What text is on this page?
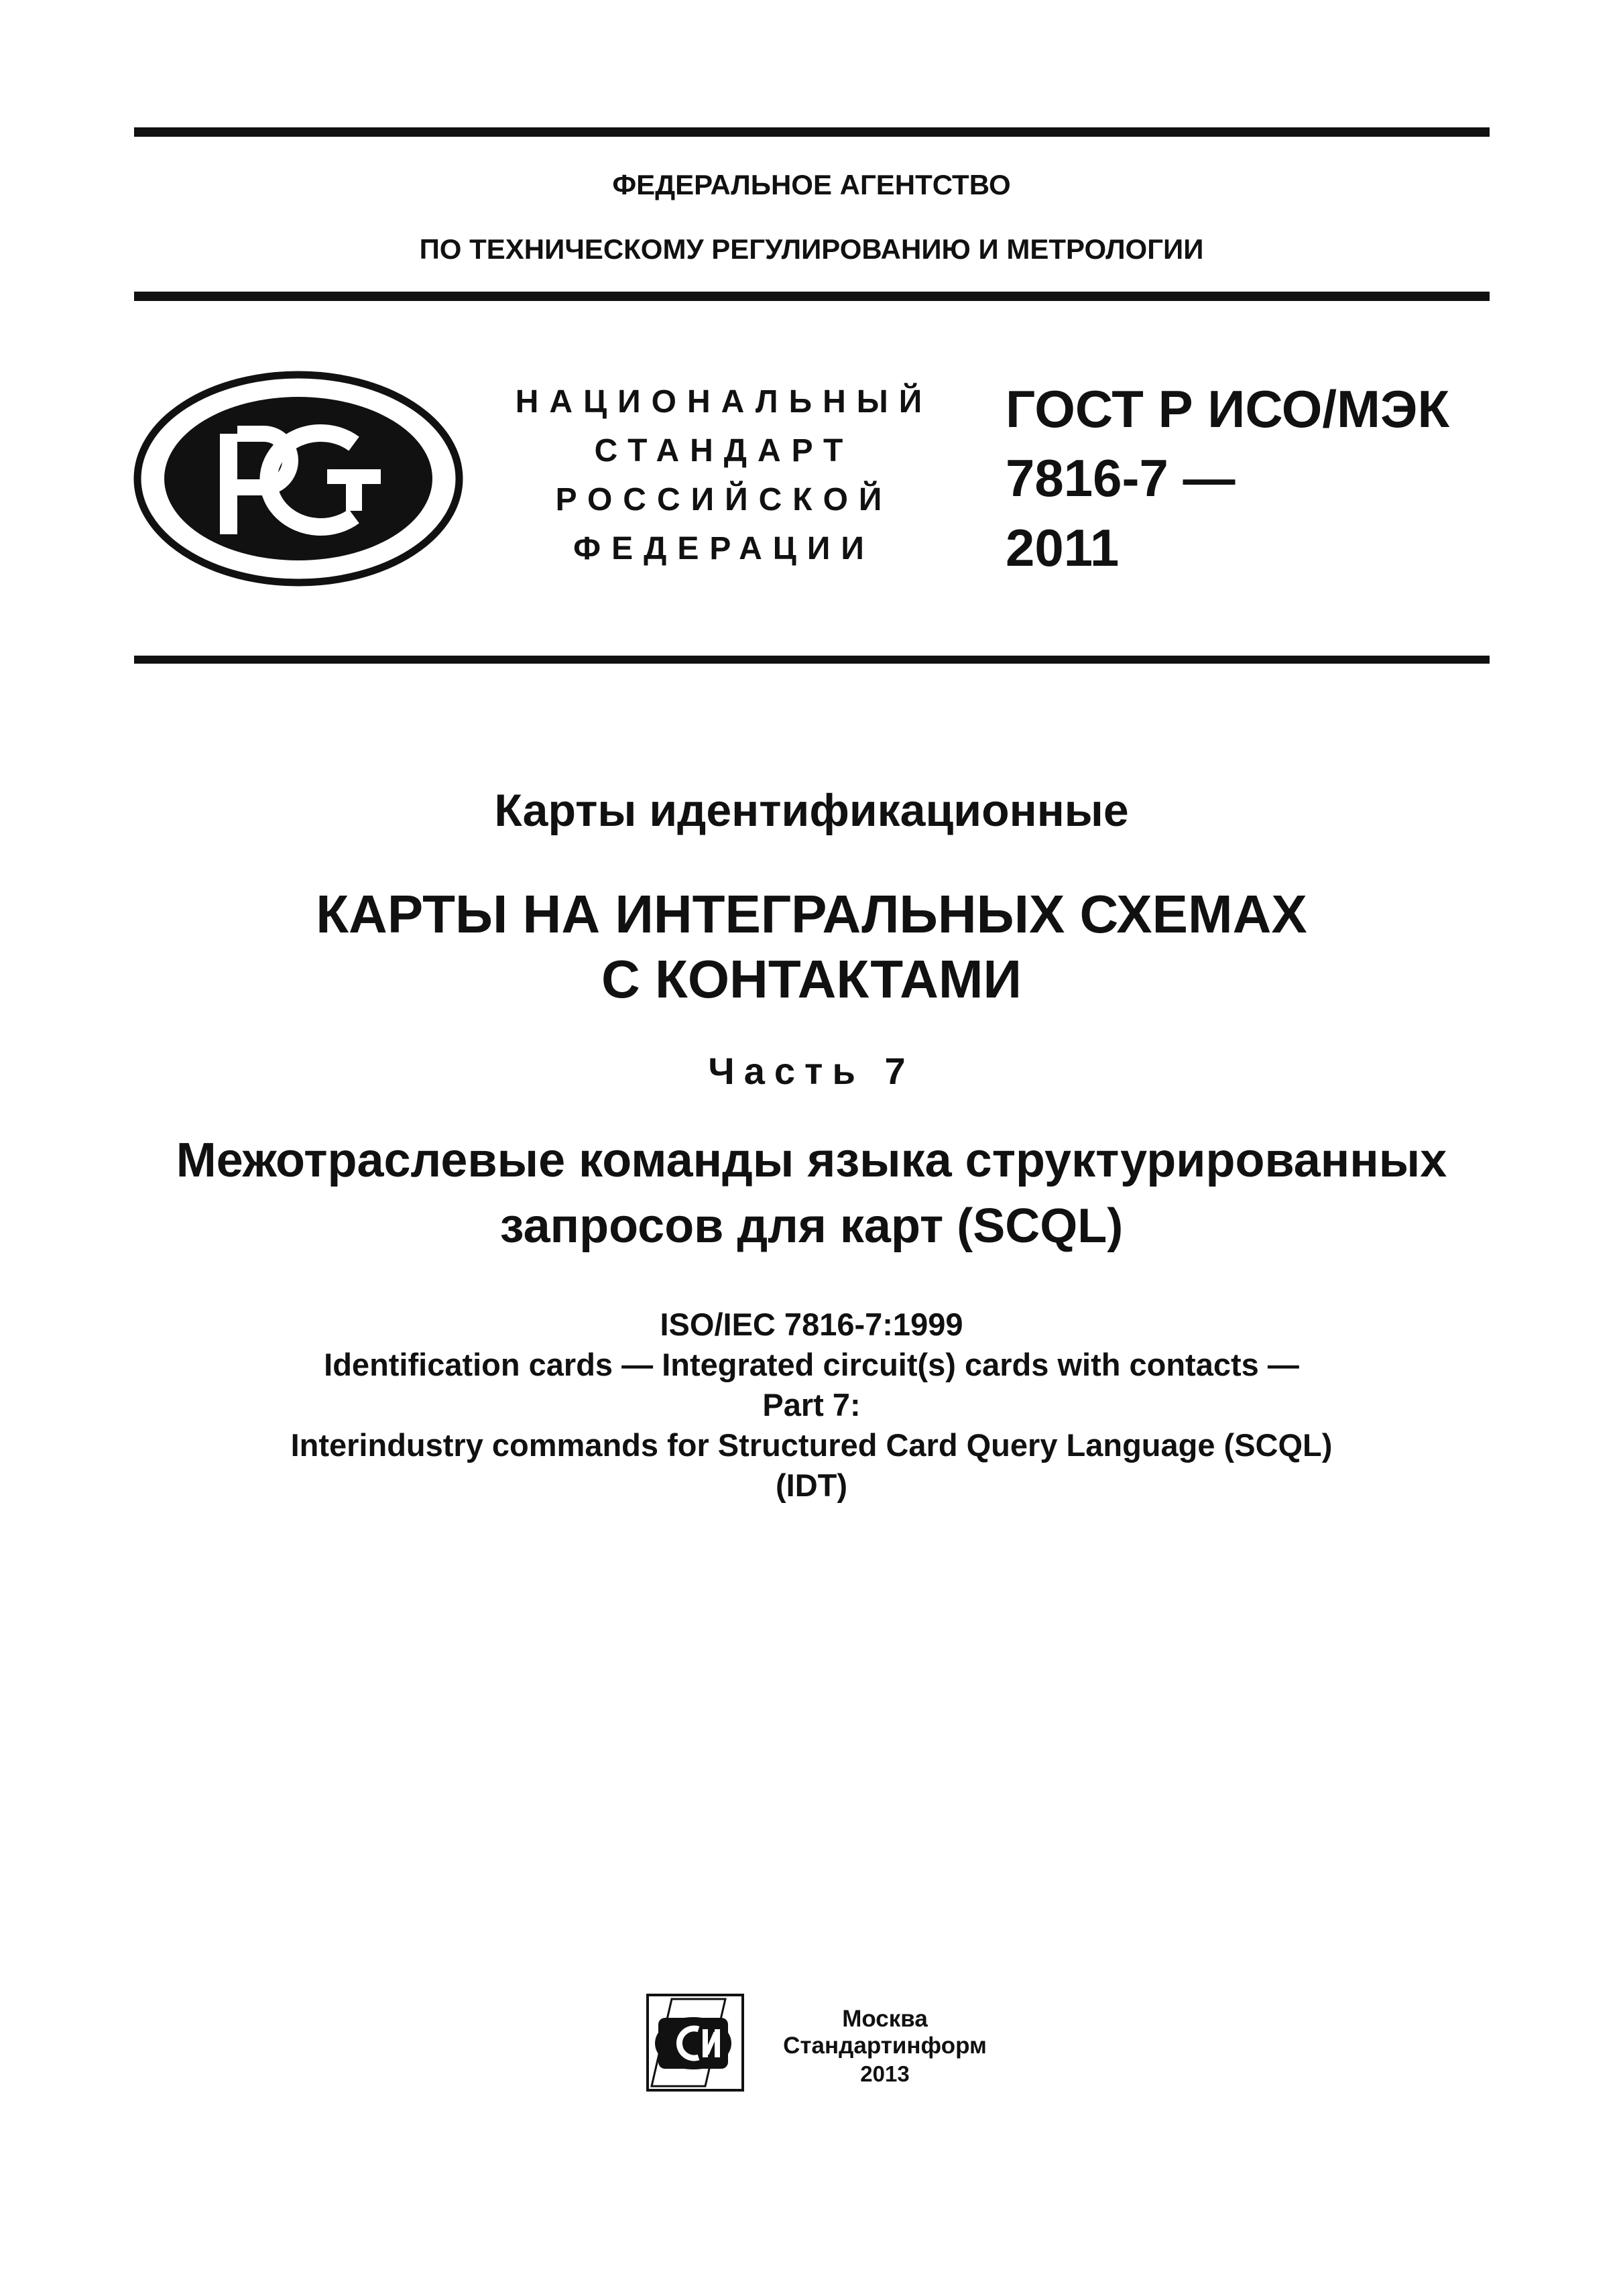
ФЕДЕРАЛЬНОЕ АГЕНТСТВО
ПО ТЕХНИЧЕСКОМУ РЕГУЛИРОВАНИЮ И МЕТРОЛОГИИ
НАЦИОНАЛЬНЫЙ
СТАНДАРТ
РОССИЙСКОЙ
ФЕДЕРАЦИИ
ГОСТ Р ИСО/МЭК
7816-7 —
2011
Карты идентификационные
КАРТЫ НА ИНТЕГРАЛЬНЫХ СХЕМАХ
С КОНТАКТАМИ
Часть 7
Межотраслевые команды языка структурированных
запросов для карт (SCQL)
ISO/IEC 7816-7:1999
Identification cards — Integrated circuit(s) cards with contacts —
Part 7:
Interindustry commands for Structured Card Query Language (SCQL)
(IDT)
Москва
Стандартинформ
2013
